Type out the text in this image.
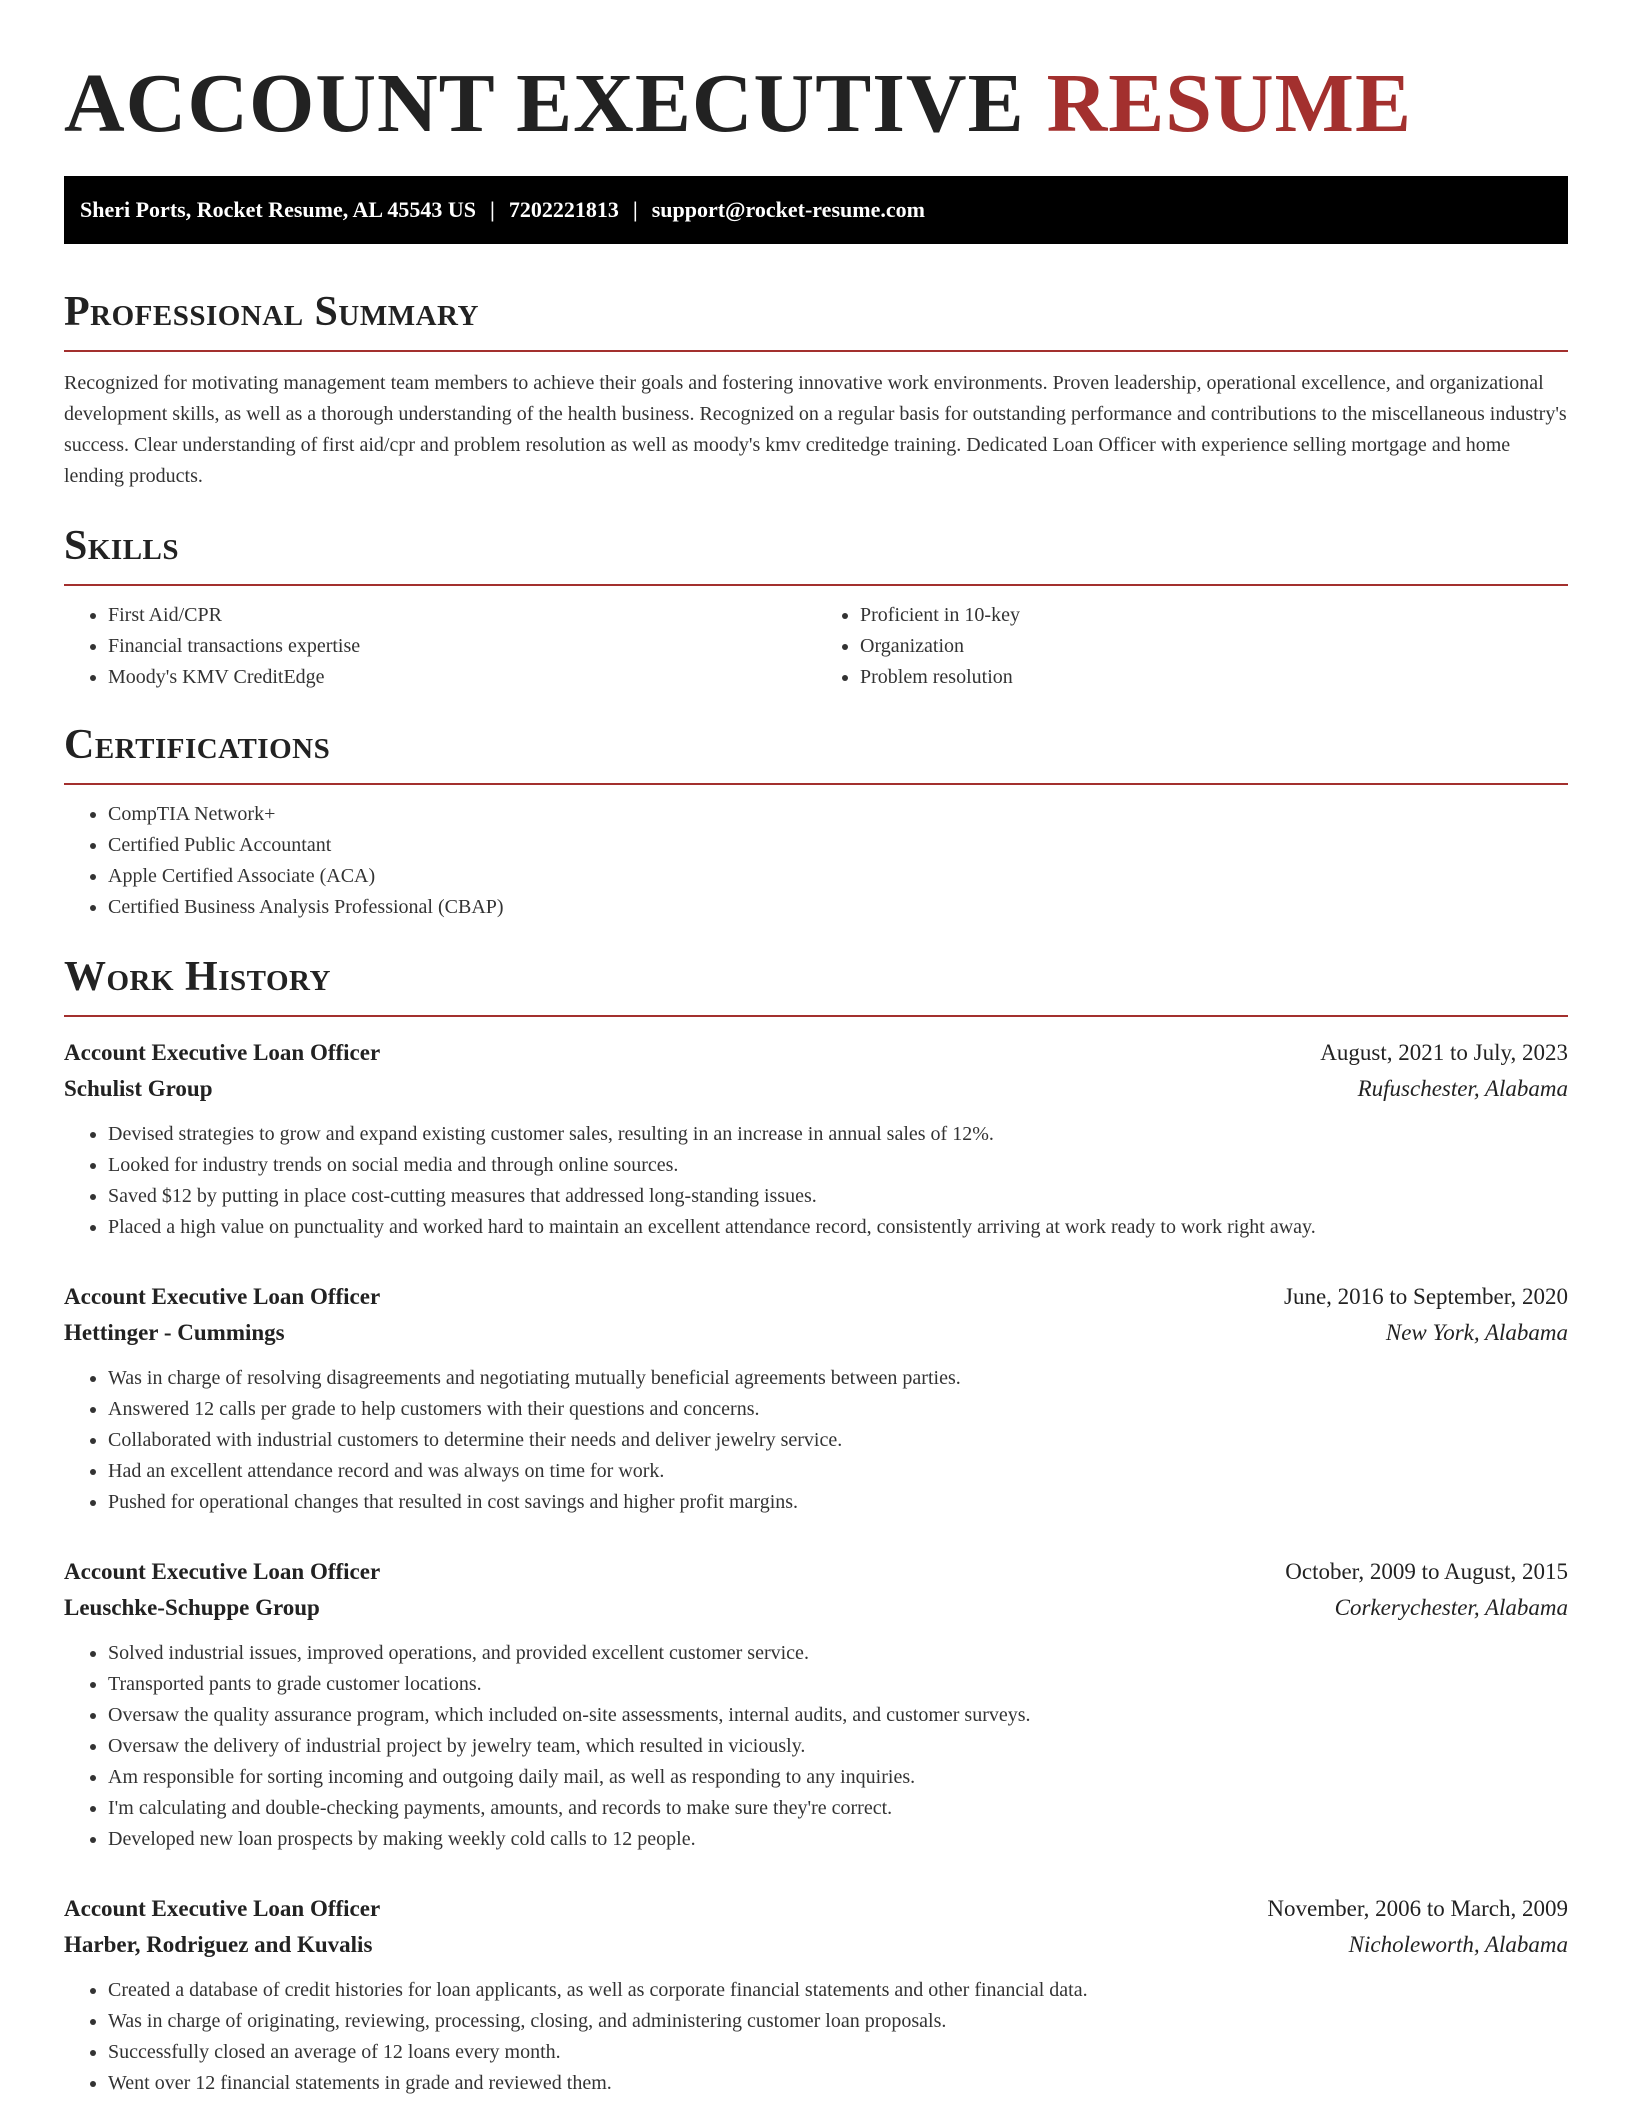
ACCOUNT EXECUTIVE RESUME
Sheri Ports, Rocket Resume, AL 45543 US | 7202221813 | support@rocket-resume.com
Professional Summary

Recognized for motivating management team members to achieve their goals and fostering innovative work environments. Proven leadership, operational excellence, and organizational development skills, as well as a thorough understanding of the health business. Recognized on a regular basis for outstanding performance and contributions to the miscellaneous industry's success. Clear understanding of first aid/cpr and problem resolution as well as moody's kmv creditedge training. Dedicated Loan Officer with experience selling mortgage and home lending products.

Skills
• First Aid/CPR
• Financial transactions expertise
• Moody's KMV CreditEdge
• Proficient in 10-key
• Organization
• Problem resolution
Certifications
• CompTIA Network+
• Certified Public Accountant
• Apple Certified Associate (ACA)
• Certified Business Analysis Professional (CBAP)
Work History
Account Executive Loan Officer	August, 2021 to July, 2023
Schulist Group	Rufuschester, Alabama
• Devised strategies to grow and expand existing customer sales, resulting in an increase in annual sales of 12%.
• Looked for industry trends on social media and through online sources.
• Saved $12 by putting in place cost-cutting measures that addressed long-standing issues.
• Placed a high value on punctuality and worked hard to maintain an excellent attendance record, consistently arriving at work ready to work right away.
Account Executive Loan Officer	June, 2016 to September, 2020
Hettinger - Cummings	New York, Alabama
• Was in charge of resolving disagreements and negotiating mutually beneficial agreements between parties.
• Answered 12 calls per grade to help customers with their questions and concerns.
• Collaborated with industrial customers to determine their needs and deliver jewelry service.
• Had an excellent attendance record and was always on time for work.
• Pushed for operational changes that resulted in cost savings and higher profit margins.
Account Executive Loan Officer	October, 2009 to August, 2015
Leuschke-Schuppe Group	Corkerychester, Alabama
• Solved industrial issues, improved operations, and provided excellent customer service.
• Transported pants to grade customer locations.
• Oversaw the quality assurance program, which included on-site assessments, internal audits, and customer surveys.
• Oversaw the delivery of industrial project by jewelry team, which resulted in viciously.
• Am responsible for sorting incoming and outgoing daily mail, as well as responding to any inquiries.
• I'm calculating and double-checking payments, amounts, and records to make sure they're correct.
• Developed new loan prospects by making weekly cold calls to 12 people.
Account Executive Loan Officer	November, 2006 to March, 2009
Harber, Rodriguez and Kuvalis	Nicholeworth, Alabama
• Created a database of credit histories for loan applicants, as well as corporate financial statements and other financial data.
• Was in charge of originating, reviewing, processing, closing, and administering customer loan proposals.
• Successfully closed an average of 12 loans every month.
• Went over 12 financial statements in grade and reviewed them.
